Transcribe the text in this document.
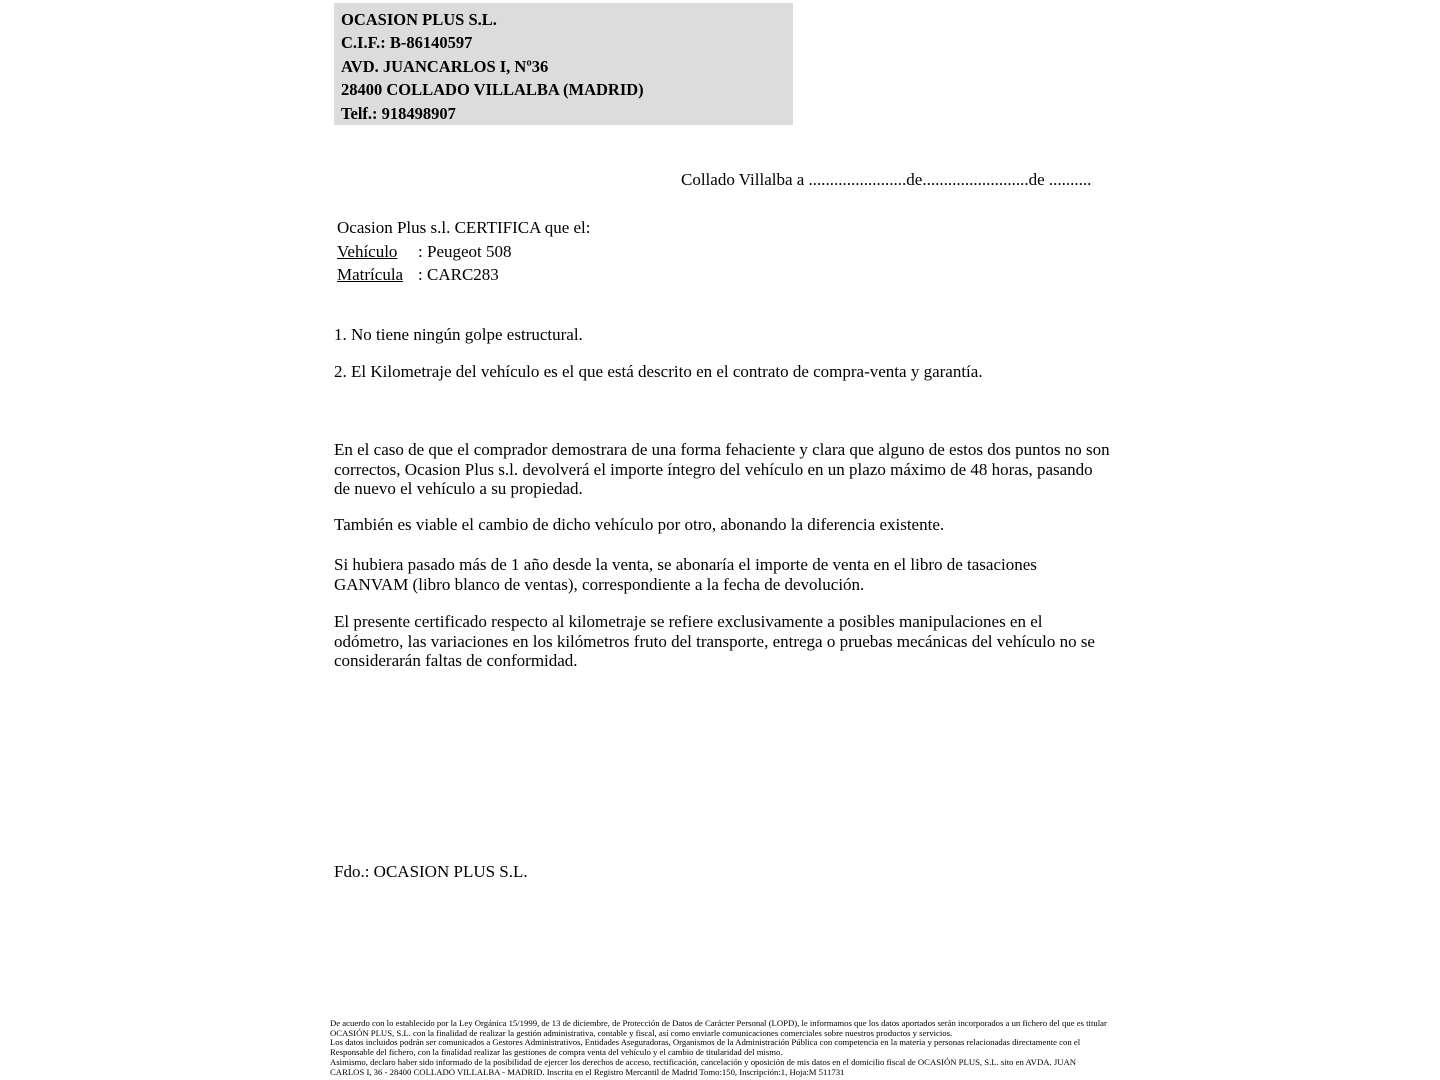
OCASION PLUS S.L.
C.I.F.: B-86140597
AVD. JUANCARLOS I, Nº36
28400 COLLADO VILLALBA (MADRID)
Telf.: 918498907
Collado Villalba a .......................de.........................de ..........
Ocasion Plus s.l. CERTIFICA que el:
Vehículo : Peugeot 508
Matrícula : CARC283
1. No tiene ningún golpe estructural.
2. El Kilometraje del vehículo es el que está descrito en el contrato de compra-venta y garantía.
En el caso de que el comprador demostrara de una forma fehaciente y clara que alguno de estos dos puntos no son correctos, Ocasion Plus s.l. devolverá el importe íntegro del vehículo en un plazo máximo de 48 horas, pasando de nuevo el vehículo a su propiedad.
También es viable el cambio de dicho vehículo por otro, abonando la diferencia existente.
Si hubiera pasado más de 1 año desde la venta, se abonaría el importe de venta en el libro de tasaciones GANVAM (libro blanco de ventas), correspondiente a la fecha de devolución.
El presente certificado respecto al kilometraje se refiere exclusivamente a posibles manipulaciones en el odómetro, las variaciones en los kilómetros fruto del transporte, entrega o pruebas mecánicas del vehículo no se considerarán faltas de conformidad.
Fdo.: OCASION PLUS S.L.
De acuerdo con lo establecido por la Ley Orgánica 15/1999, de 13 de diciembre, de Protección de Datos de Carácter Personal (LOPD), le informamos que los datos aportados serán incorporados a un fichero del que es titular
OCASIÓN PLUS, S.L. con la finalidad de realizar la gestión administrativa, contable y fiscal, así como enviarle comunicaciones comerciales sobre nuestros productos y servicios.
Los datos incluidos podrán ser comunicados a Gestores Administrativos, Entidades Aseguradoras, Organismos de la Administración Pública con competencia en la materia y personas relacionadas directamente con el
Responsable del fichero, con la finalidad realizar las gestiones de compra venta del vehículo y el cambio de titularidad del mismo.
Asimismo, declaro haber sido informado de la posibilidad de ejercer los derechos de acceso, rectificación, cancelación y oposición de mis datos en el domicilio fiscal de OCASIÓN PLUS, S.L. sito en AVDA. JUAN
CARLOS I, 36 - 28400 COLLADO VILLALBA - MADRID. Inscrita en el Registro Mercantil de Madrid Tomo:150, Inscripción:1, Hoja:M 511731
